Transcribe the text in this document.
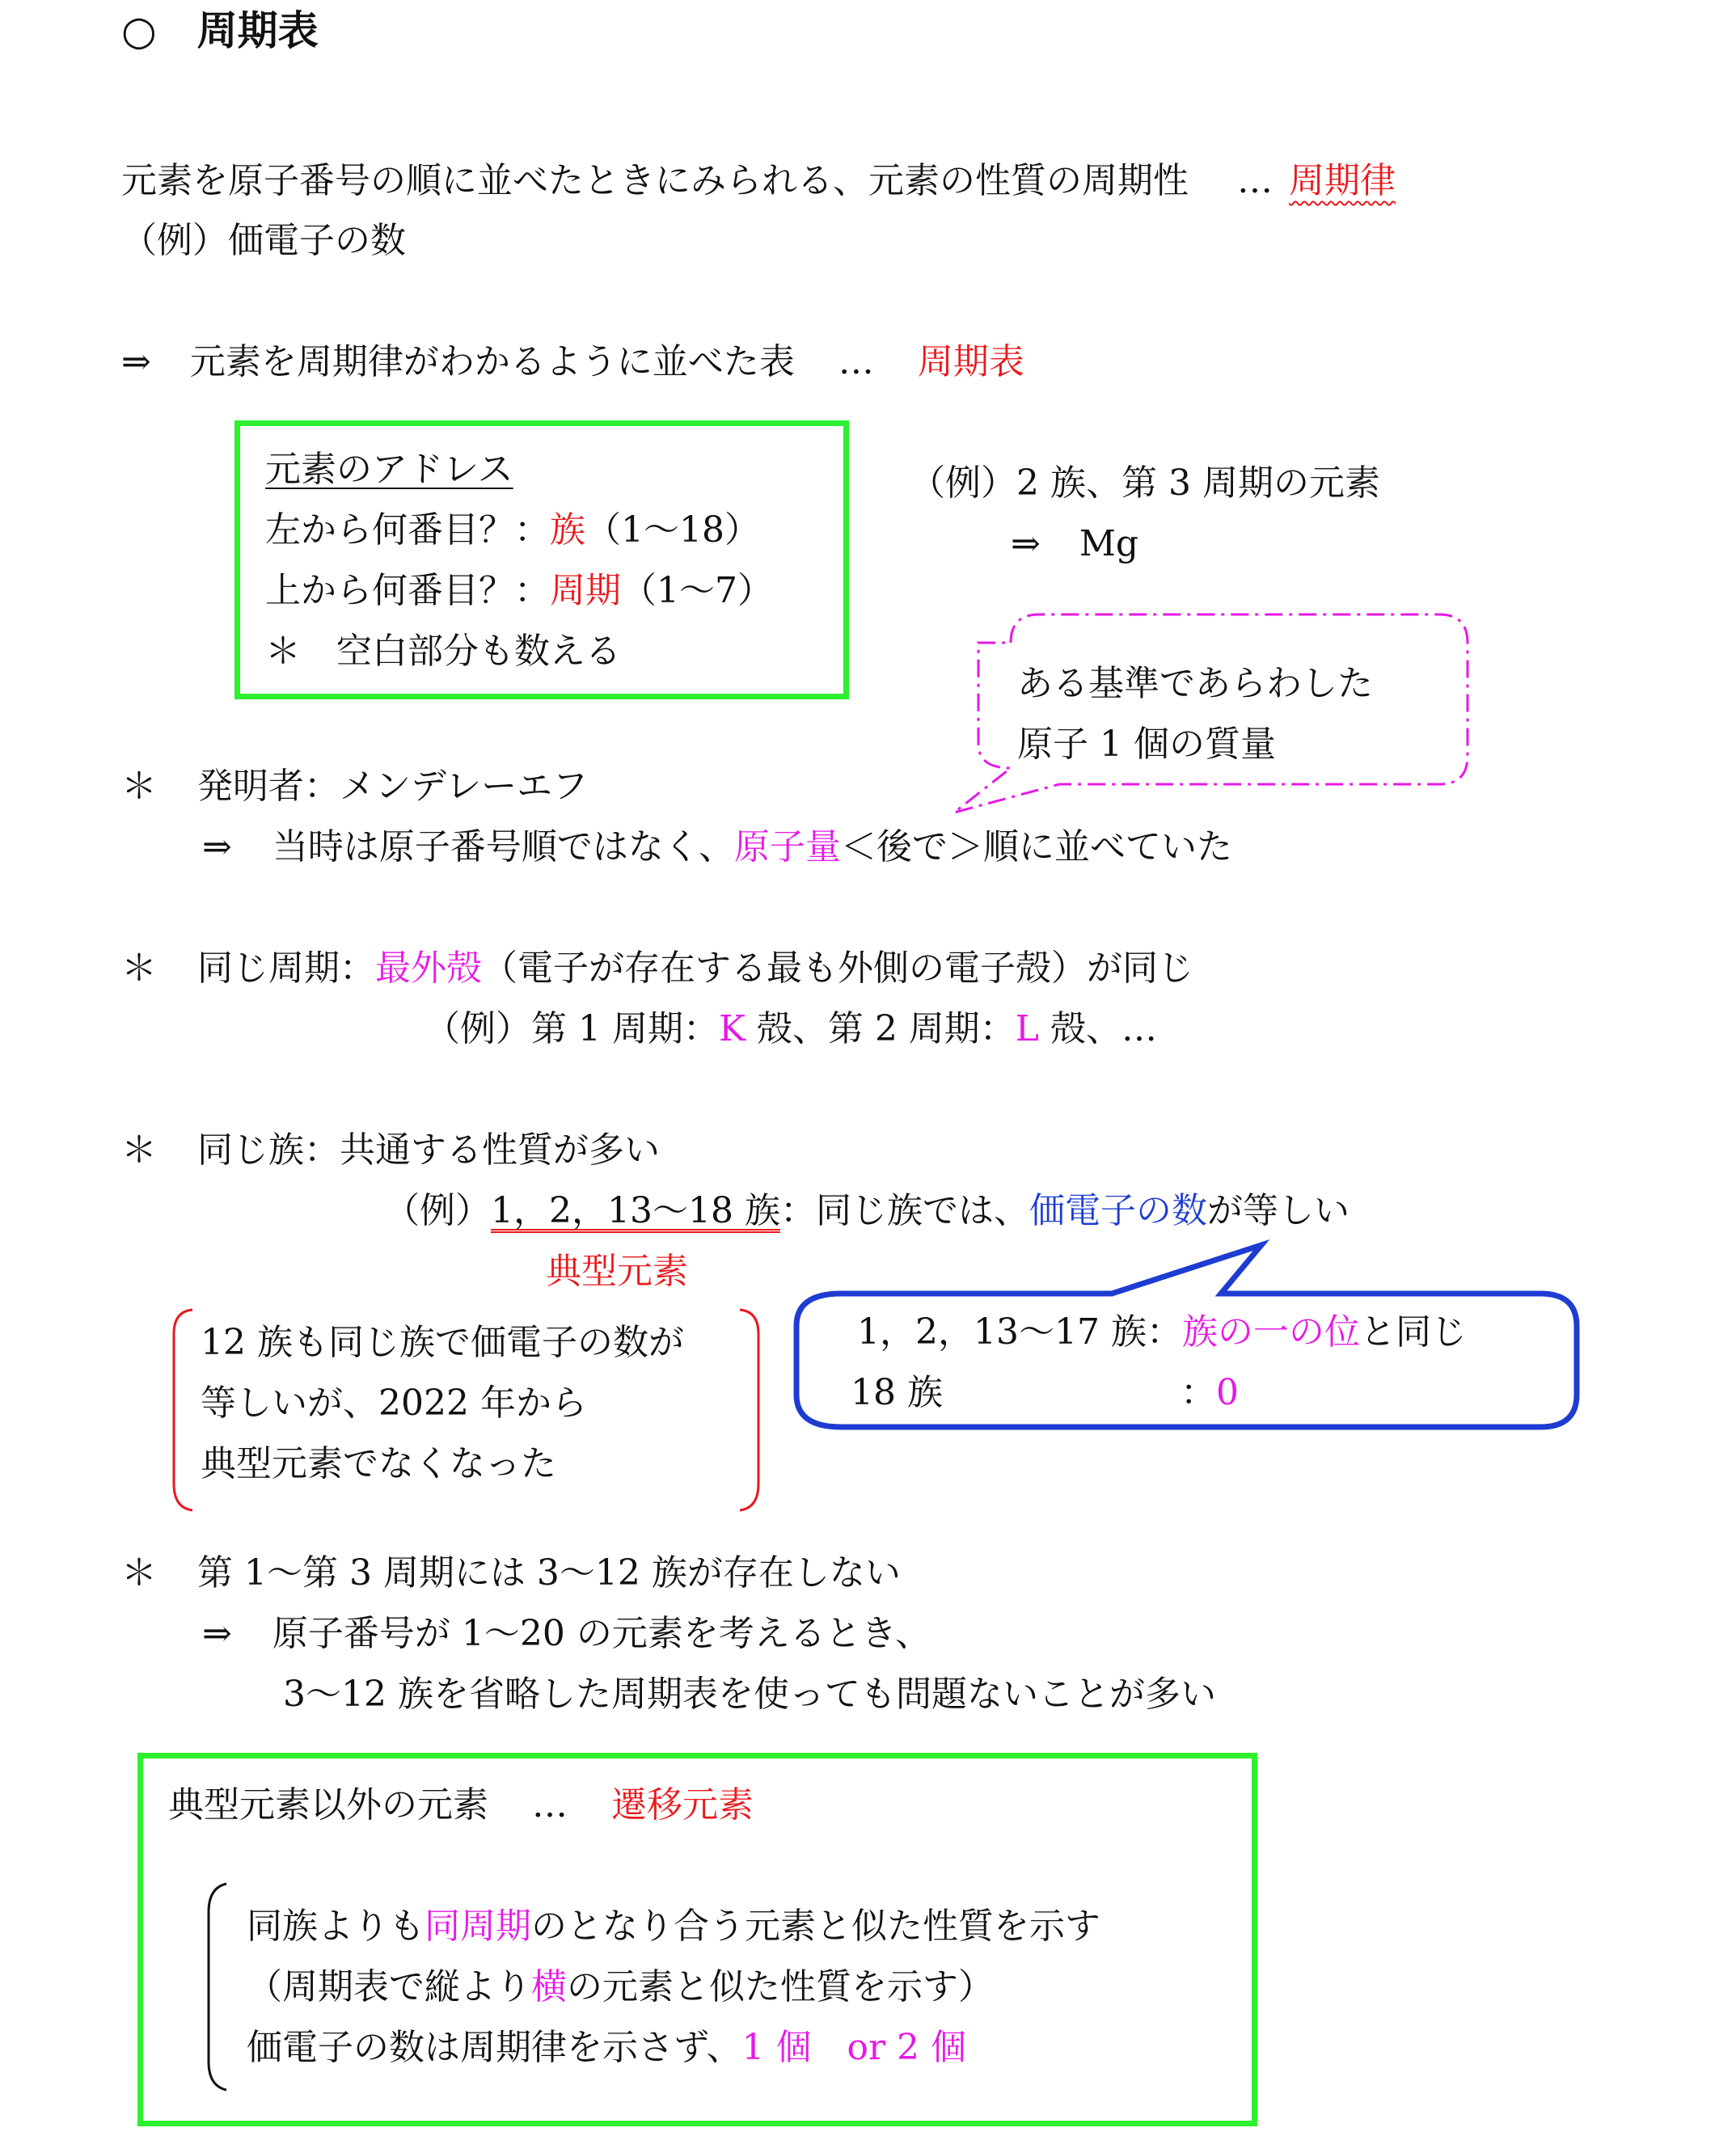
○ 周期表
元素を原子番号の順に並べたときにみられる、元素の性質の周期性 … 周期律
（例）価電子の数
⇒ 元素を周期律がわかるように並べた表 … 周期表
元素のアドレス
左から何番目？：族（1～18）
上から何番目？：周期（1～7）
＊　空白部分も数える
（例）2 族、第 3 周期の元素
⇒ Mg
ある基準であらわした
原子 1 個の質量
＊ 発明者：メンデレーエフ
⇒ 当時は原子番号順ではなく、原子量＜後で＞順に並べていた
＊ 同じ周期：最外殻（電子が存在する最も外側の電子殻）が同じ
（例）第 1 周期：K 殻、第 2 周期：L 殻、…
＊ 同じ族：共通する性質が多い
（例）1，2，13～18 族：同じ族では、価電子の数が等しい
典型元素
12 族も同じ族で価電子の数が
等しいが、2022 年から
典型元素でなくなった
1，2，13～17 族：族の一の位と同じ
18 族	：0
＊ 第 1～第 3 周期には 3～12 族が存在しない
⇒ 原子番号が 1～20 の元素を考えるとき、
3～12 族を省略した周期表を使っても問題ないことが多い
典型元素以外の元素 … 遷移元素
同族よりも同周期のとなり合う元素と似た性質を示す
（周期表で縦より横の元素と似た性質を示す）
価電子の数は周期律を示さず、1 個　or 2 個
